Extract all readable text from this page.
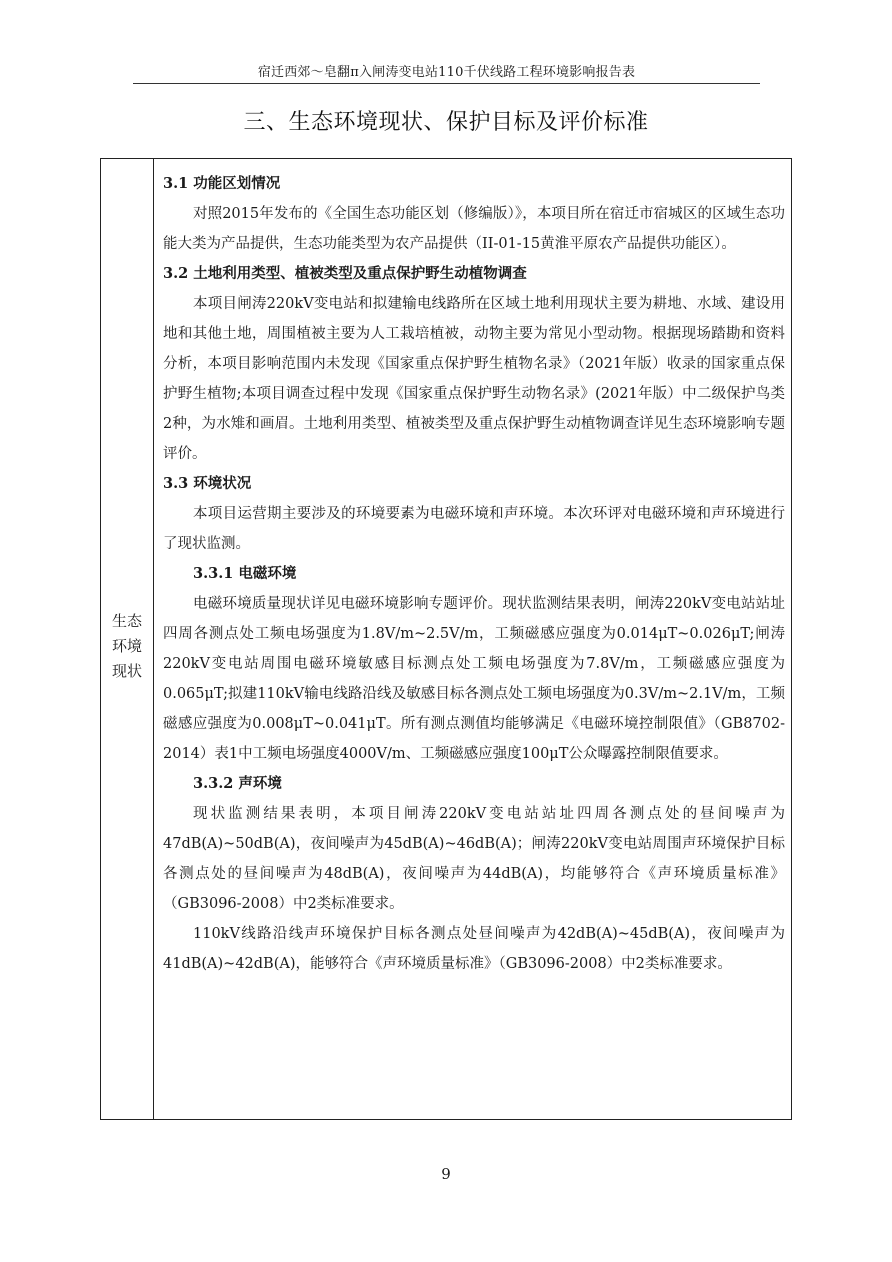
宿迁西郊～皂翻π入闸涛变电站110千伏线路工程环境影响报告表
三、生态环境现状、保护目标及评价标准
生态
环境
现状
3.1 功能区划情况

对照2015年发布的《全国生态功能区划（修编版）》，本项目所在宿迁市宿城区的区域生态功能大类为产品提供，生态功能类型为农产品提供（II-01-15黄淮平原农产品提供功能区）。

3.2 土地利用类型、植被类型及重点保护野生动植物调查

本项目闸涛220kV变电站和拟建输电线路所在区域土地利用现状主要为耕地、水域、建设用地和其他土地，周围植被主要为人工栽培植被，动物主要为常见小型动物。根据现场踏勘和资料分析，本项目影响范围内未发现《国家重点保护野生植物名录》（2021年版）收录的国家重点保护野生植物;本项目调查过程中发现《国家重点保护野生动物名录》(2021年版）中二级保护鸟类2种，为水雉和画眉。土地利用类型、植被类型及重点保护野生动植物调查详见生态环境影响专题评价。

3.3 环境状况

本项目运营期主要涉及的环境要素为电磁环境和声环境。本次环评对电磁环境和声环境进行了现状监测。

3.3.1 电磁环境

电磁环境质量现状详见电磁环境影响专题评价。现状监测结果表明，闸涛220kV变电站站址四周各测点处工频电场强度为1.8V/m~2.5V/m，工频磁感应强度为0.014μT~0.026μT;闸涛220kV变电站周围电磁环境敏感目标测点处工频电场强度为7.8V/m，工频磁感应强度为0.065μT;拟建110kV输电线路沿线及敏感目标各测点处工频电场强度为0.3V/m~2.1V/m，工频磁感应强度为0.008μT~0.041μT。所有测点测值均能够满足《电磁环境控制限值》（GB8702-2014）表1中工频电场强度4000V/m、工频磁感应强度100μT公众曝露控制限值要求。

3.3.2 声环境

现状监测结果表明，本项目闸涛220kV变电站站址四周各测点处的昼间噪声为47dB(A)~50dB(A)，夜间噪声为45dB(A)~46dB(A)；闸涛220kV变电站周围声环境保护目标各测点处的昼间噪声为48dB(A)，夜间噪声为44dB(A)，均能够符合《声环境质量标准》（GB3096-2008）中2类标准要求。

110kV线路沿线声环境保护目标各测点处昼间噪声为42dB(A)~45dB(A)，夜间噪声为41dB(A)~42dB(A)，能够符合《声环境质量标准》（GB3096-2008）中2类标准要求。

9
